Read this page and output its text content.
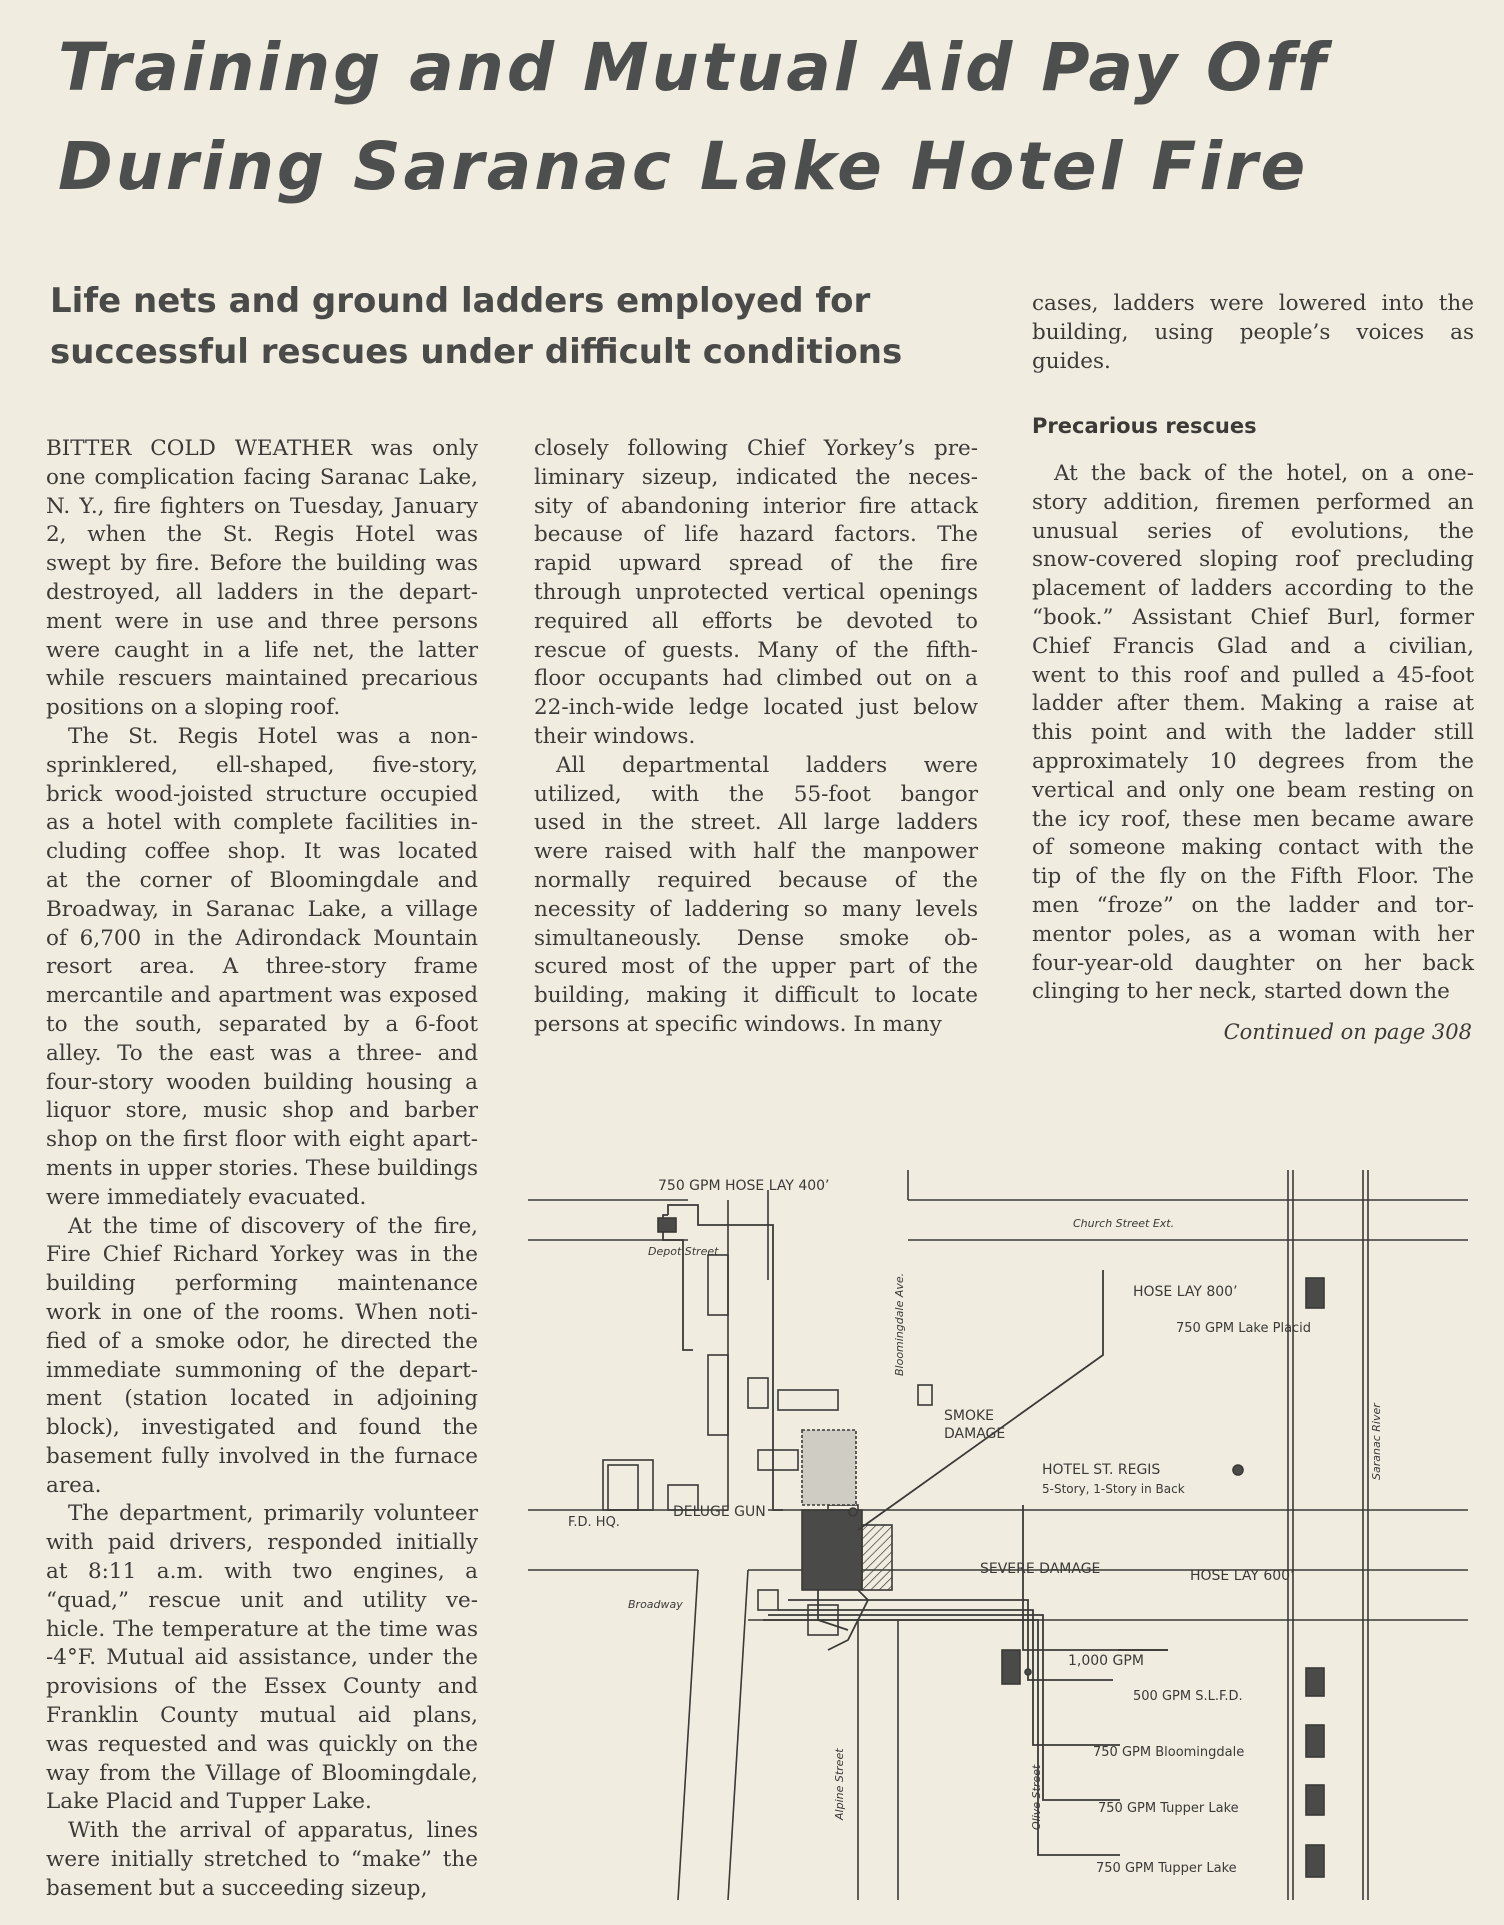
Training and Mutual Aid Pay Off
During Saranac Lake Hotel Fire
Life nets and ground ladders employed for
successful rescues under difficult conditions
BITTER COLD WEATHER was only
one complication facing Saranac Lake,
N. Y., fire fighters on Tuesday, January
2, when the St. Regis Hotel was
swept by fire. Before the building was
destroyed, all ladders in the depart-
ment were in use and three persons
were caught in a life net, the latter
while rescuers maintained precarious
positions on a sloping roof.
The St. Regis Hotel was a non-
sprinklered, ell-shaped, five-story,
brick wood-joisted structure occupied
as a hotel with complete facilities in-
cluding coffee shop. It was located
at the corner of Bloomingdale and
Broadway, in Saranac Lake, a village
of 6,700 in the Adirondack Mountain
resort area. A three-story frame
mercantile and apartment was exposed
to the south, separated by a 6-foot
alley. To the east was a three- and
four-story wooden building housing a
liquor store, music shop and barber
shop on the first floor with eight apart-
ments in upper stories. These buildings
were immediately evacuated.
At the time of discovery of the fire,
Fire Chief Richard Yorkey was in the
building performing maintenance
work in one of the rooms. When noti-
fied of a smoke odor, he directed the
immediate summoning of the depart-
ment (station located in adjoining
block), investigated and found the
basement fully involved in the furnace
area.
The department, primarily volunteer
with paid drivers, responded initially
at 8:11 a.m. with two engines, a
“quad,” rescue unit and utility ve-
hicle. The temperature at the time was
-4°F. Mutual aid assistance, under the
provisions of the Essex County and
Franklin County mutual aid plans,
was requested and was quickly on the
way from the Village of Bloomingdale,
Lake Placid and Tupper Lake.
With the arrival of apparatus, lines
were initially stretched to “make” the
basement but a succeeding sizeup,
closely following Chief Yorkey’s pre-
liminary sizeup, indicated the neces-
sity of abandoning interior fire attack
because of life hazard factors. The
rapid upward spread of the fire
through unprotected vertical openings
required all efforts be devoted to
rescue of guests. Many of the fifth-
floor occupants had climbed out on a
22-inch-wide ledge located just below
their windows.
All departmental ladders were
utilized, with the 55-foot bangor
used in the street. All large ladders
were raised with half the manpower
normally required because of the
necessity of laddering so many levels
simultaneously. Dense smoke ob-
scured most of the upper part of the
building, making it difficult to locate
persons at specific windows. In many
cases, ladders were lowered into the
building, using people’s voices as
guides.
Precarious rescues
At the back of the hotel, on a one-
story addition, firemen performed an
unusual series of evolutions, the
snow-covered sloping roof precluding
placement of ladders according to the
“book.” Assistant Chief Burl, former
Chief Francis Glad and a civilian,
went to this roof and pulled a 45-foot
ladder after them. Making a raise at
this point and with the ladder still
approximately 10 degrees from the
vertical and only one beam resting on
the icy roof, these men became aware
of someone making contact with the
tip of the fly on the Fifth Floor. The
men “froze” on the ladder and tor-
mentor poles, as a woman with her
four-year-old daughter on her back
clinging to her neck, started down the
Continued on page 308
750 GPM HOSE LAY 400’
Depot Street
Church Street Ext.
Bloomingdale Ave.	HOSE LAY 800’
750 GPM Lake Placid
Saranac River
SMOKE
DAMAGE
HOTEL ST. REGIS
5-Story, 1-Story in Back
DELUGE GUN
F.D. HQ.
SEVERE DAMAGE	HOSE LAY 600’
Broadway
1,000 GPM
500 GPM S.L.F.D.
750 GPM Bloomingdale
750 GPM Tupper Lake
750 GPM Tupper Lake
Alpine Street	Olive Street
